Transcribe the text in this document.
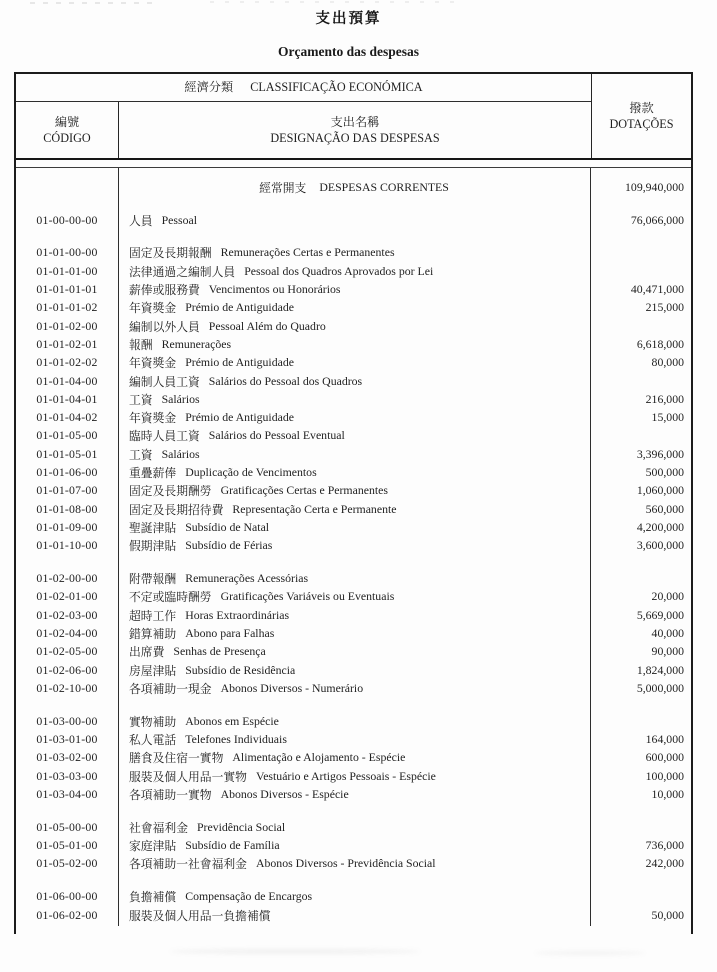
支出預算
Orçamento das despesas
經濟分類 CLASSIFICAÇÃO ECONÓMICA
編號
CÓDIGO
支出名稱
DESIGNAÇÃO DAS DESPESAS
撥款
DOTAÇÕES
經常開支 DESPESAS CORRENTES	109,940,000
01-00-00-00	人員 Pessoal	76,066,000
01-01-00-00	固定及長期報酬 Remunerações Certas e Permanentes
01-01-01-00	法律通過之編制人員 Pessoal dos Quadros Aprovados por Lei
01-01-01-01	薪俸或服務費 Vencimentos ou Honorários	40,471,000
01-01-01-02	年資獎金 Prémio de Antiguidade	215,000
01-01-02-00	編制以外人員 Pessoal Além do Quadro
01-01-02-01	報酬 Remunerações	6,618,000
01-01-02-02	年資獎金 Prémio de Antiguidade	80,000
01-01-04-00	編制人員工資 Salários do Pessoal dos Quadros
01-01-04-01	工資 Salários	216,000
01-01-04-02	年資獎金 Prémio de Antiguidade	15,000
01-01-05-00	臨時人員工資 Salários do Pessoal Eventual
01-01-05-01	工資 Salários	3,396,000
01-01-06-00	重疊薪俸 Duplicação de Vencimentos	500,000
01-01-07-00	固定及長期酬勞 Gratificações Certas e Permanentes	1,060,000
01-01-08-00	固定及長期招待費 Representação Certa e Permanente	560,000
01-01-09-00	聖誕津貼 Subsídio de Natal	4,200,000
01-01-10-00	假期津貼 Subsídio de Férias	3,600,000
01-02-00-00	附帶報酬 Remunerações Acessórias
01-02-01-00	不定或臨時酬勞 Gratificações Variáveis ou Eventuais	20,000
01-02-03-00	超時工作 Horas Extraordinárias	5,669,000
01-02-04-00	錯算補助 Abono para Falhas	40,000
01-02-05-00	出席費 Senhas de Presença	90,000
01-02-06-00	房屋津貼 Subsídio de Residência	1,824,000
01-02-10-00	各項補助一現金 Abonos Diversos - Numerário	5,000,000
01-03-00-00	實物補助 Abonos em Espécie
01-03-01-00	私人電話 Telefones Individuais	164,000
01-03-02-00	膳食及住宿一實物 Alimentação e Alojamento - Espécie	600,000
01-03-03-00	服裝及個人用品一實物 Vestuário e Artigos Pessoais - Espécie	100,000
01-03-04-00	各項補助一實物 Abonos Diversos - Espécie	10,000
01-05-00-00	社會福利金 Previdência Social
01-05-01-00	家庭津貼 Subsídio de Família	736,000
01-05-02-00	各項補助一社會福利金 Abonos Diversos - Previdência Social	242,000
01-06-00-00	負擔補償 Compensação de Encargos
01-06-02-00	服裝及個人用品一負擔補償	50,000
